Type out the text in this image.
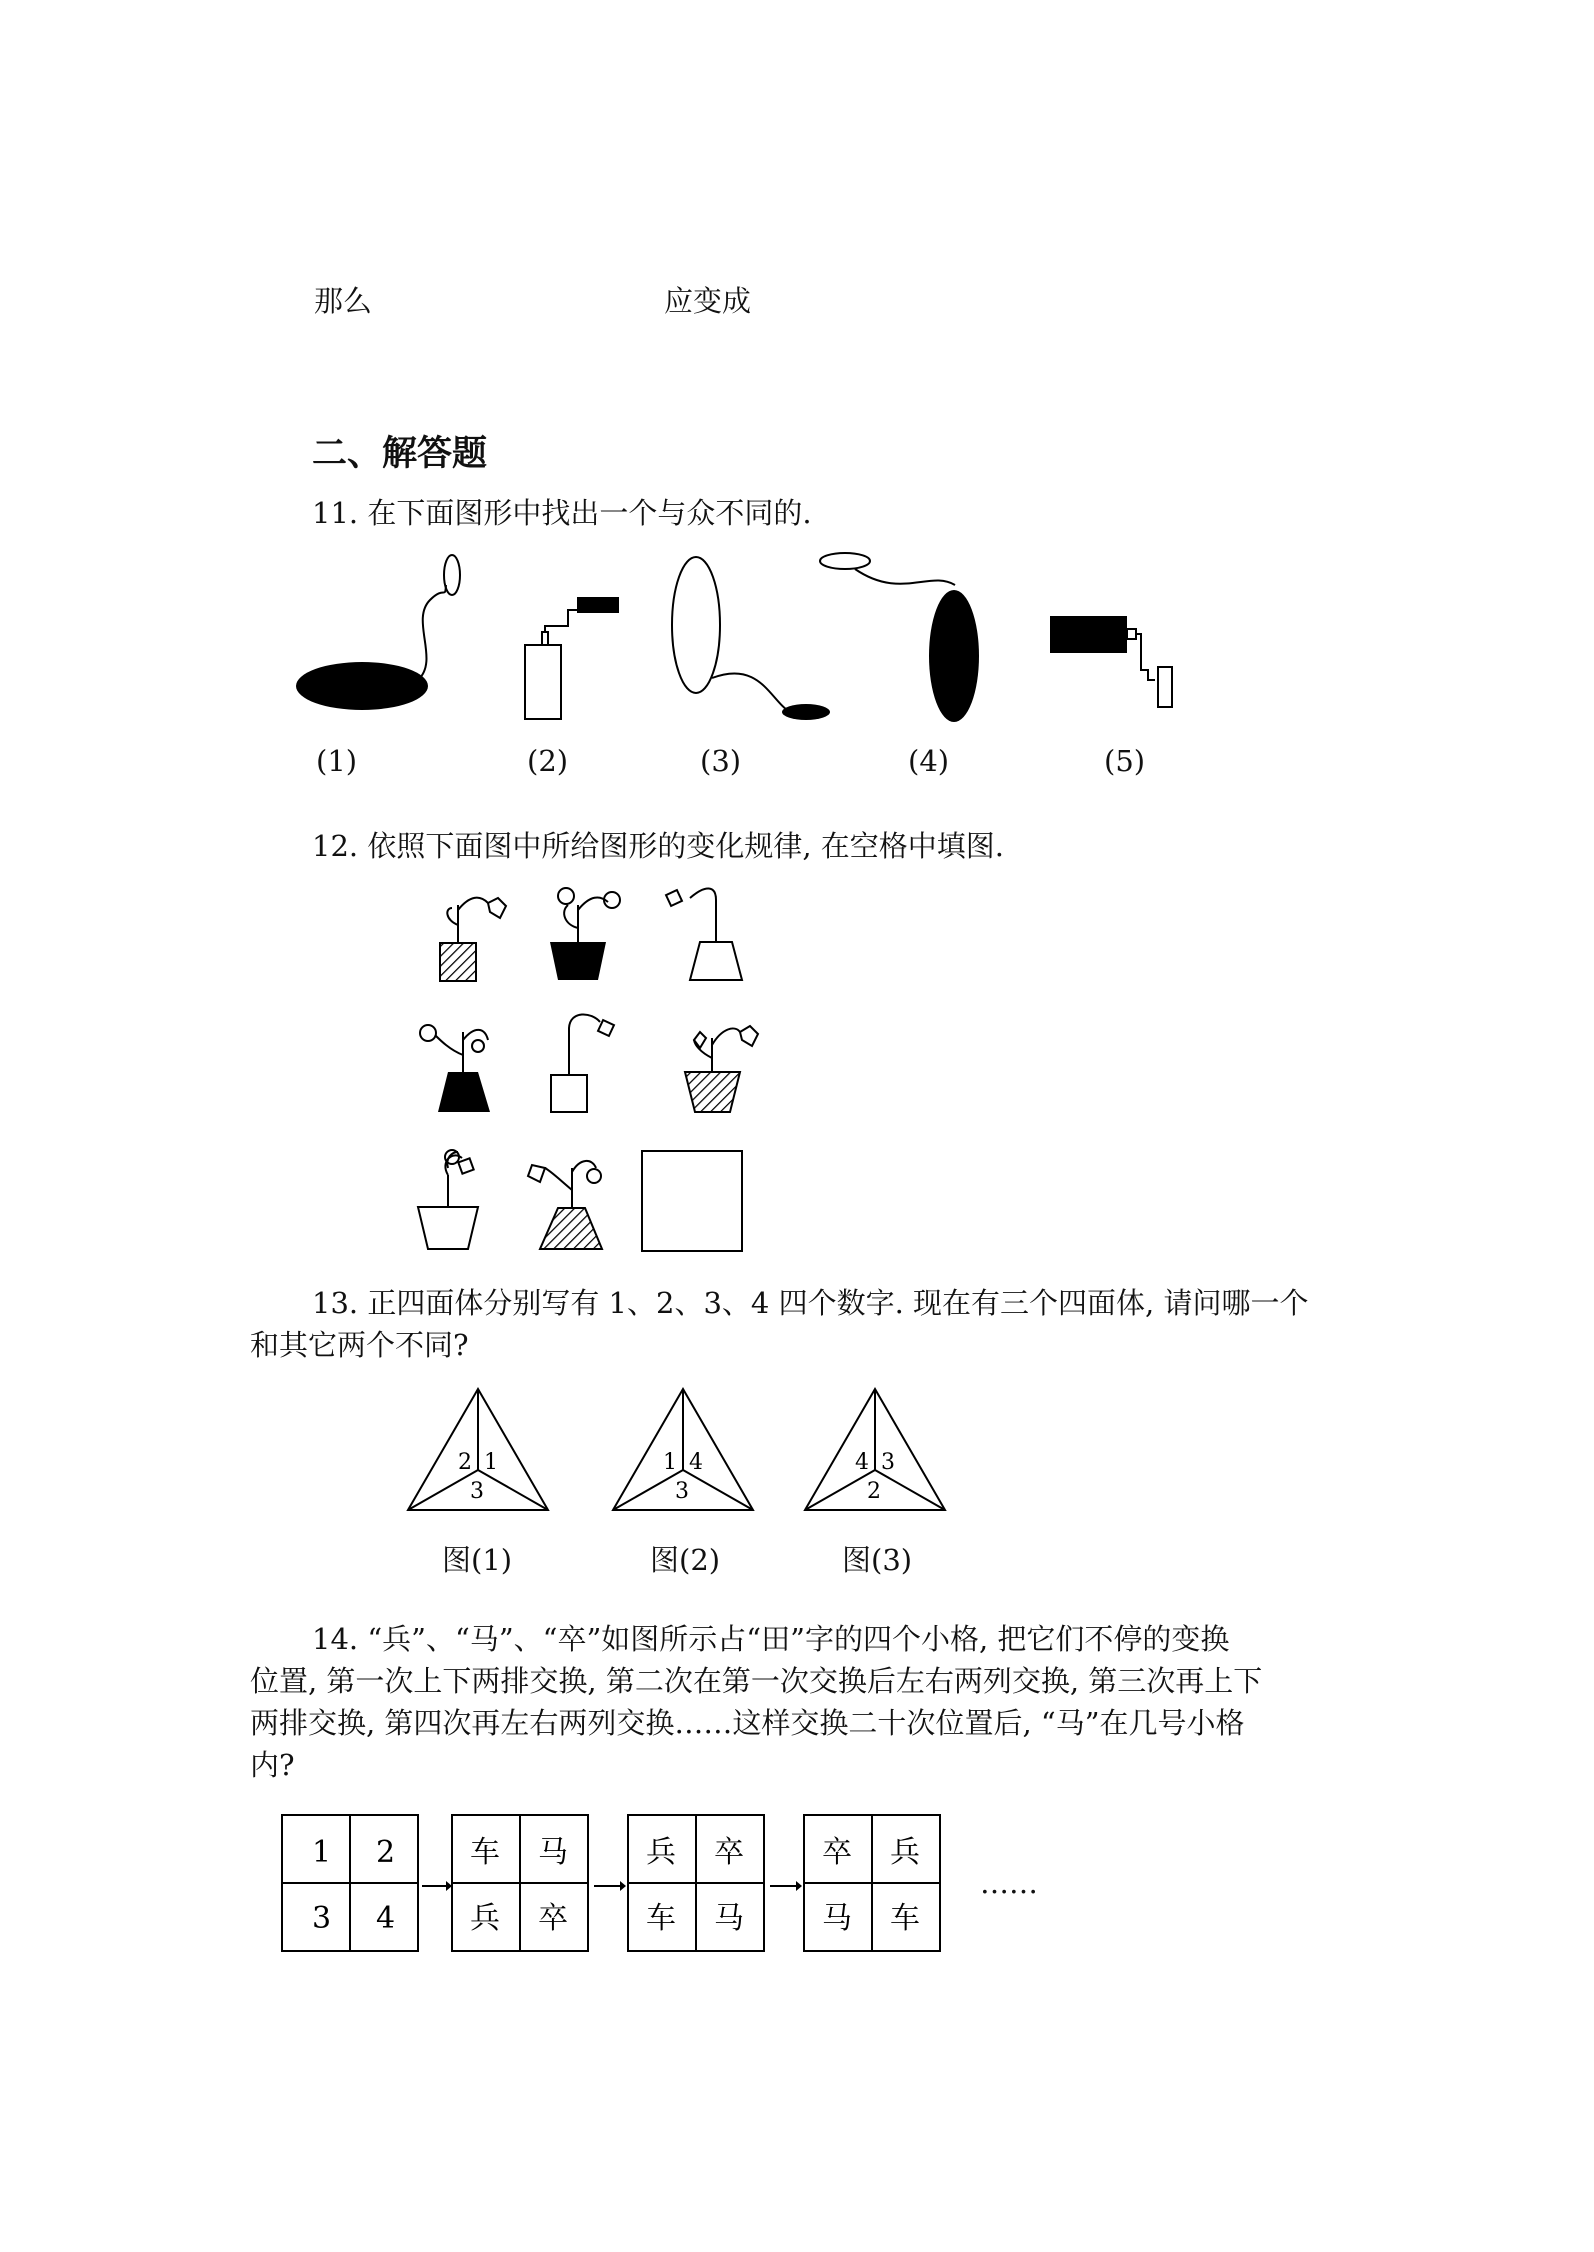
那么	应变成
二、解答题
11. 在下面图形中找出一个与众不同的.
(1)	(2)	(3)	(4)	(5)
12. 依照下面图中所给图形的变化规律, 在空格中填图.
13. 正四面体分别写有 1、2、3、4 四个数字. 现在有三个四面体, 请问哪一个
和其它两个不同?
2 1
3
1 4
3
4 3
2
图(1)	图(2)	图(3)
14. “兵”、“马”、“卒”如图所示占“田”字的四个小格, 把它们不停的变换
位置, 第一次上下两排交换, 第二次在第一次交换后左右两列交换, 第三次再上下
两排交换, 第四次再左右两列交换……这样交换二十次位置后, “马”在几号小格
内?
1 2
3 4
车 马
兵 卒
兵 卒
车 马
卒 兵
马 车
……
